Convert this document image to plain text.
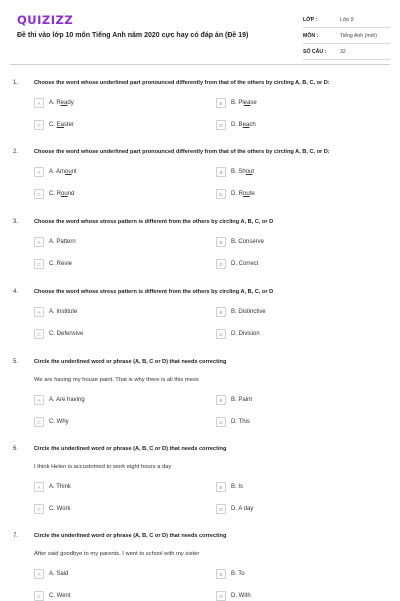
QUIZIZZ
Đề thi vào lớp 10 môn Tiếng Anh năm 2020 cực hay có đáp án (Đề 19)
LỚP :	Lớp 9
MÔN :	Tiếng Anh (mới)
SỐ CÂU :	32
1.	Choose the word whose underlined part pronounced differently from that of the others by circling A, B, C, or D:
A	A. Ready	B	B. Please
C	C. Easter	D	D. Beach
2.	Choose the word whose underlined part pronounced differently from that of the others by circling A, B, C, or D:
A	A. Amount	B	B. Shout
C	C. Round	D	D. Route
3.	Choose the word whose stress pattern is different from the others by circling A, B, C, or D
A	A. Pattern	B	B. Conserve
C	C. Revie	D	D. Correct
4.	Choose the word whose stress pattern is different from the others by circling A, B, C, or D
A	A. Institute	B	B. Distinctive
C	C. Defensive	D	D. Division
5.	Circle the underlined word or phrase (A, B, C or D) that needs correcting
We are having my house paint. That is why there is all this mess
A	A. Are having	B	B. Paint
C	C. Why	D	D. This
6.	Circle the underlined word or phrase (A, B, C or D) that needs correcting
I think Helen is accustomed to work eight hours a day
A	A. Think	B	B. Is
C	C. Work	D	D. A day
7.	Circle the underlined word or phrase (A, B, C or D) that needs correcting
After said goodbye to my parents, I went to school with my sister
A	A. Said	B	B. To
C	C. Went	D	D. With
